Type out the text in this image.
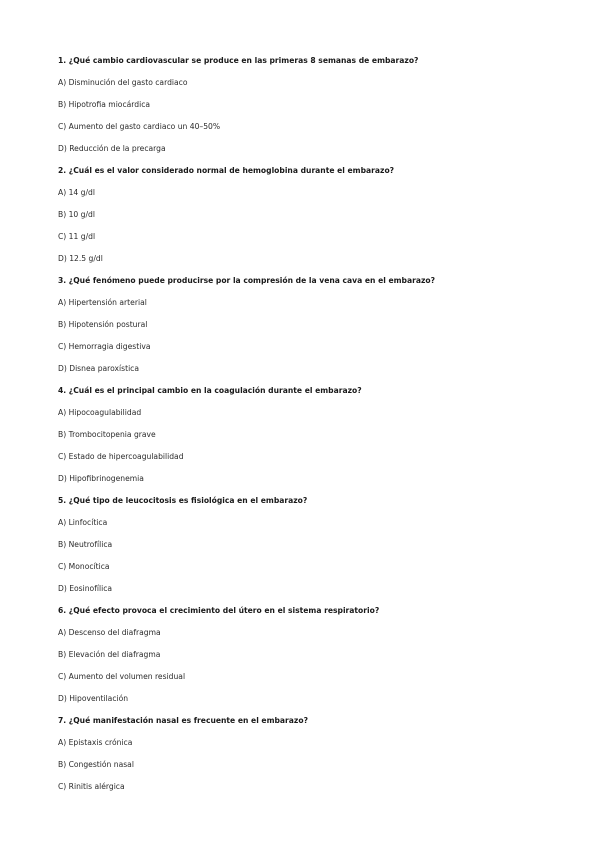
1. ¿Qué cambio cardiovascular se produce en las primeras 8 semanas de embarazo?
A) Disminución del gasto cardiaco
B) Hipotrofia miocárdica
C) Aumento del gasto cardiaco un 40–50%
D) Reducción de la precarga
2. ¿Cuál es el valor considerado normal de hemoglobina durante el embarazo?
A) 14 g/dl
B) 10 g/dl
C) 11 g/dl
D) 12.5 g/dl
3. ¿Qué fenómeno puede producirse por la compresión de la vena cava en el embarazo?
A) Hipertensión arterial
B) Hipotensión postural
C) Hemorragia digestiva
D) Disnea paroxística
4. ¿Cuál es el principal cambio en la coagulación durante el embarazo?
A) Hipocoagulabilidad
B) Trombocitopenia grave
C) Estado de hipercoagulabilidad
D) Hipofibrinogenemia
5. ¿Qué tipo de leucocitosis es fisiológica en el embarazo?
A) Linfocítica
B) Neutrofílica
C) Monocítica
D) Eosinofílica
6. ¿Qué efecto provoca el crecimiento del útero en el sistema respiratorio?
A) Descenso del diafragma
B) Elevación del diafragma
C) Aumento del volumen residual
D) Hipoventilación
7. ¿Qué manifestación nasal es frecuente en el embarazo?
A) Epistaxis crónica
B) Congestión nasal
C) Rinitis alérgica
